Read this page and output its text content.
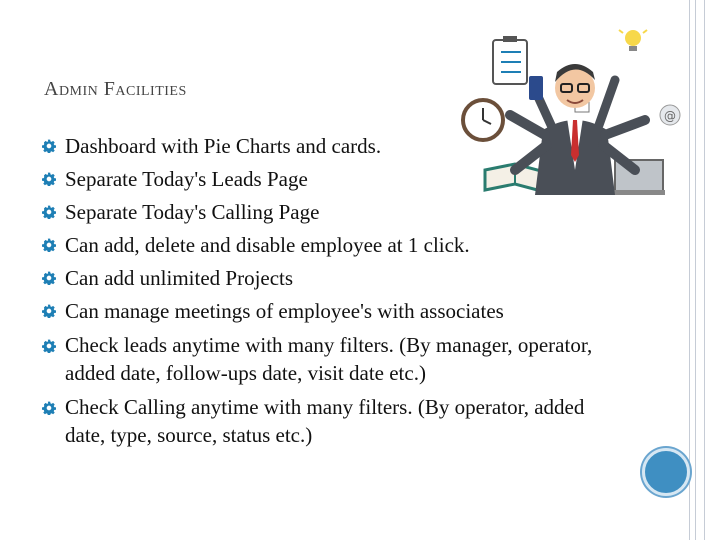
Admin Facilities
Dashboard with Pie Charts and cards.
Separate Today's Leads Page
Separate Today's Calling Page
Can add, delete and disable employee at 1 click.
Can add unlimited Projects
Can manage meetings of employee's with associates
Check leads anytime with many filters. (By manager, operator, added date, follow-ups date, visit date etc.)
Check Calling anytime with many filters. (By operator, added date, type, source, status etc.)
@
